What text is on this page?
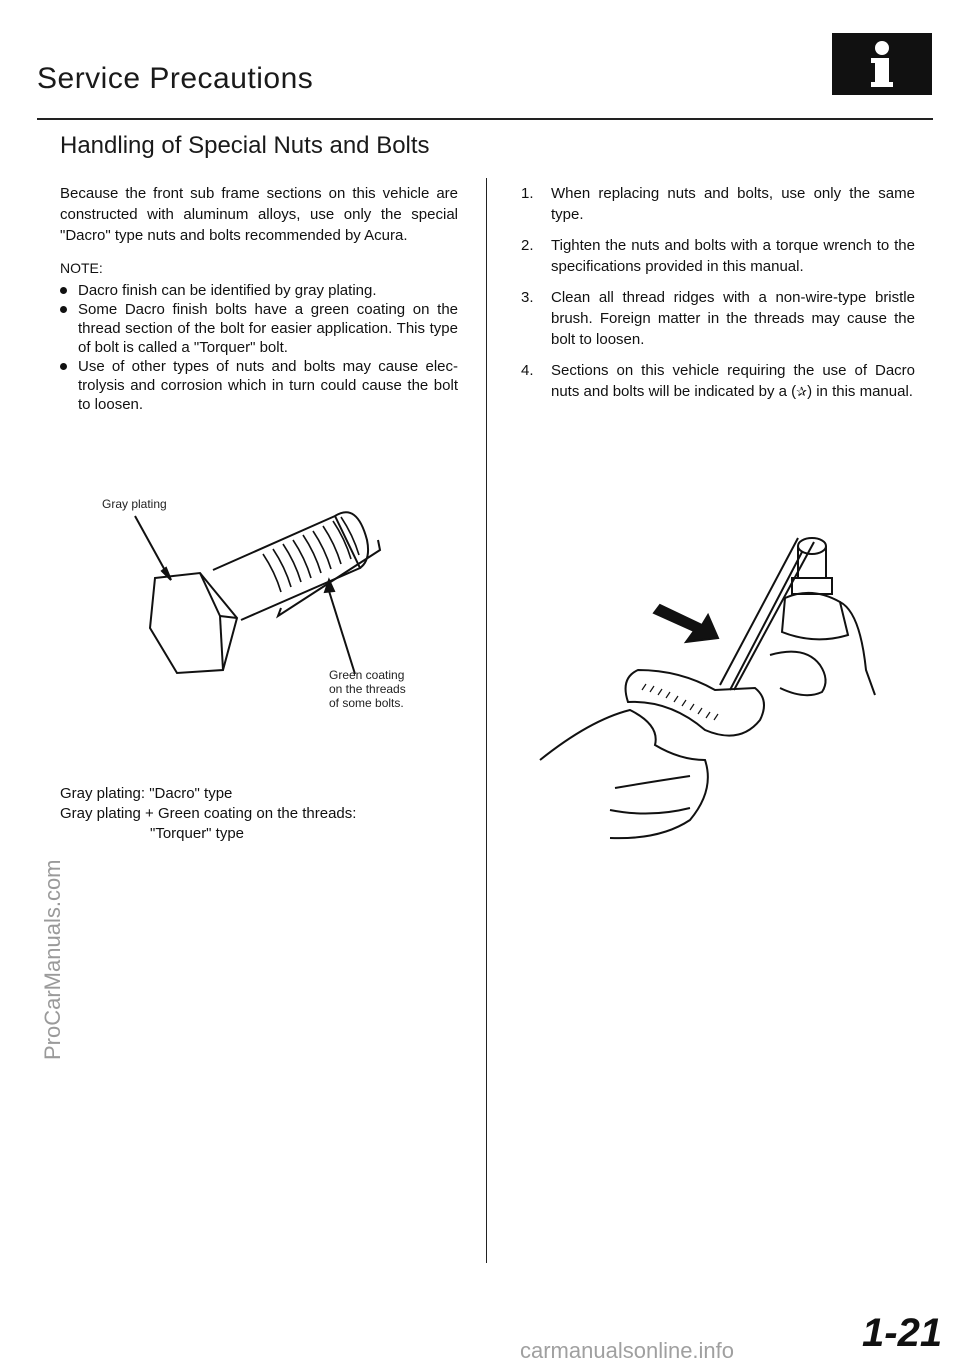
Service Precautions
Handling of Special Nuts and Bolts
Because the front sub frame sections on this vehicle are constructed with aluminum alloys, use only the special "Dacro" type nuts and bolts recommended by Acura.
NOTE:
Dacro finish can be identified by gray plating.
Some Dacro finish bolts have a green coating on the thread section of the bolt for easier application. This type of bolt is called a "Torquer" bolt.
Use of other types of nuts and bolts may cause elec-trolysis and corrosion which in turn could cause the bolt to loosen.
Gray plating
Green coating
on the threads
of some bolts.
Gray plating: "Dacro" type
Gray plating + Green coating on the threads:
"Torquer" type
1. When replacing nuts and bolts, use only the same type.
2. Tighten the nuts and bolts with a torque wrench to the specifications provided in this manual.
3. Clean all thread ridges with a non-wire-type bristle brush. Foreign matter in the threads may cause the bolt to loosen.
4. Sections on this vehicle requiring the use of Dacro nuts and bolts will be indicated by a (✰) in this manual.
ProCarManuals.com
1-21
carmanualsonline.info
